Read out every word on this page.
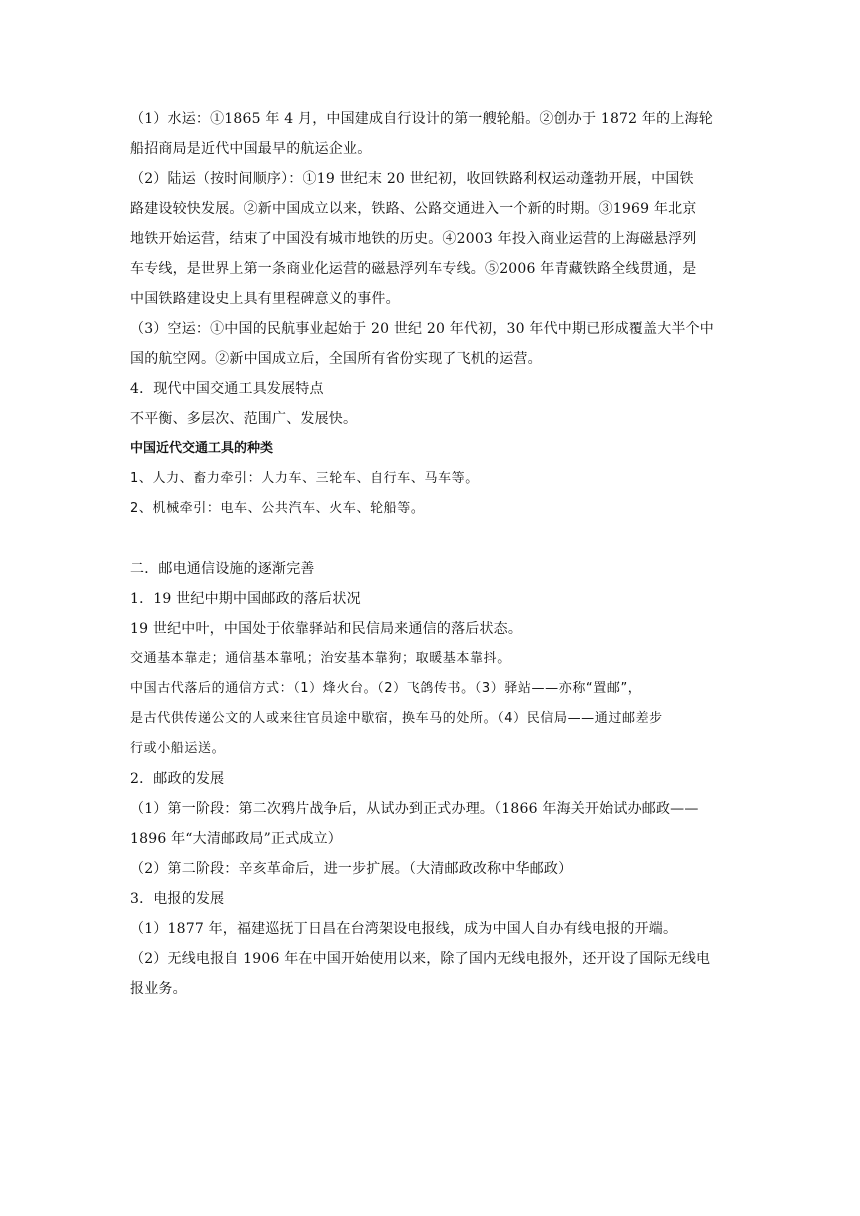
（1）水运：①1865 年 4 月，中国建成自行设计的第一艘轮船。②创办于 1872 年的上海轮
船招商局是近代中国最早的航运企业。

（2）陆运（按时间顺序）：①19 世纪末 20 世纪初，收回铁路利权运动蓬勃开展，中国铁
路建设较快发展。②新中国成立以来，铁路、公路交通进入一个新的时期。③1969 年北京
地铁开始运营，结束了中国没有城市地铁的历史。④2003 年投入商业运营的上海磁悬浮列
车专线，是世界上第一条商业化运营的磁悬浮列车专线。⑤2006 年青藏铁路全线贯通，是
中国铁路建设史上具有里程碑意义的事件。

（3）空运：①中国的民航事业起始于 20 世纪 20 年代初，30 年代中期已形成覆盖大半个中
国的航空网。②新中国成立后，全国所有省份实现了飞机的运营。

4．现代中国交通工具发展特点

不平衡、多层次、范围广、发展快。

中国近代交通工具的种类

1、人力、畜力牵引：人力车、三轮车、自行车、马车等。

2、机械牵引：电车、公共汽车、火车、轮船等。

二．邮电通信设施的逐渐完善

1．19 世纪中期中国邮政的落后状况

19 世纪中叶，中国处于依靠驿站和民信局来通信的落后状态。

交通基本靠走；通信基本靠吼；治安基本靠狗；取暖基本靠抖。

中国古代落后的通信方式：（1）烽火台。（2）飞鸽传书。（3）驿站——亦称“置邮”，
是古代供传递公文的人或来往官员途中歇宿，换车马的处所。（4）民信局——通过邮差步
行或小船运送。

2．邮政的发展

（1）第一阶段：第二次鸦片战争后，从试办到正式办理。（1866 年海关开始试办邮政——
1896 年“大清邮政局”正式成立）

（2）第二阶段：辛亥革命后，进一步扩展。（大清邮政改称中华邮政）

3．电报的发展

（1）1877 年，福建巡抚丁日昌在台湾架设电报线，成为中国人自办有线电报的开端。

（2）无线电报自 1906 年在中国开始使用以来，除了国内无线电报外，还开设了国际无线电
报业务。
